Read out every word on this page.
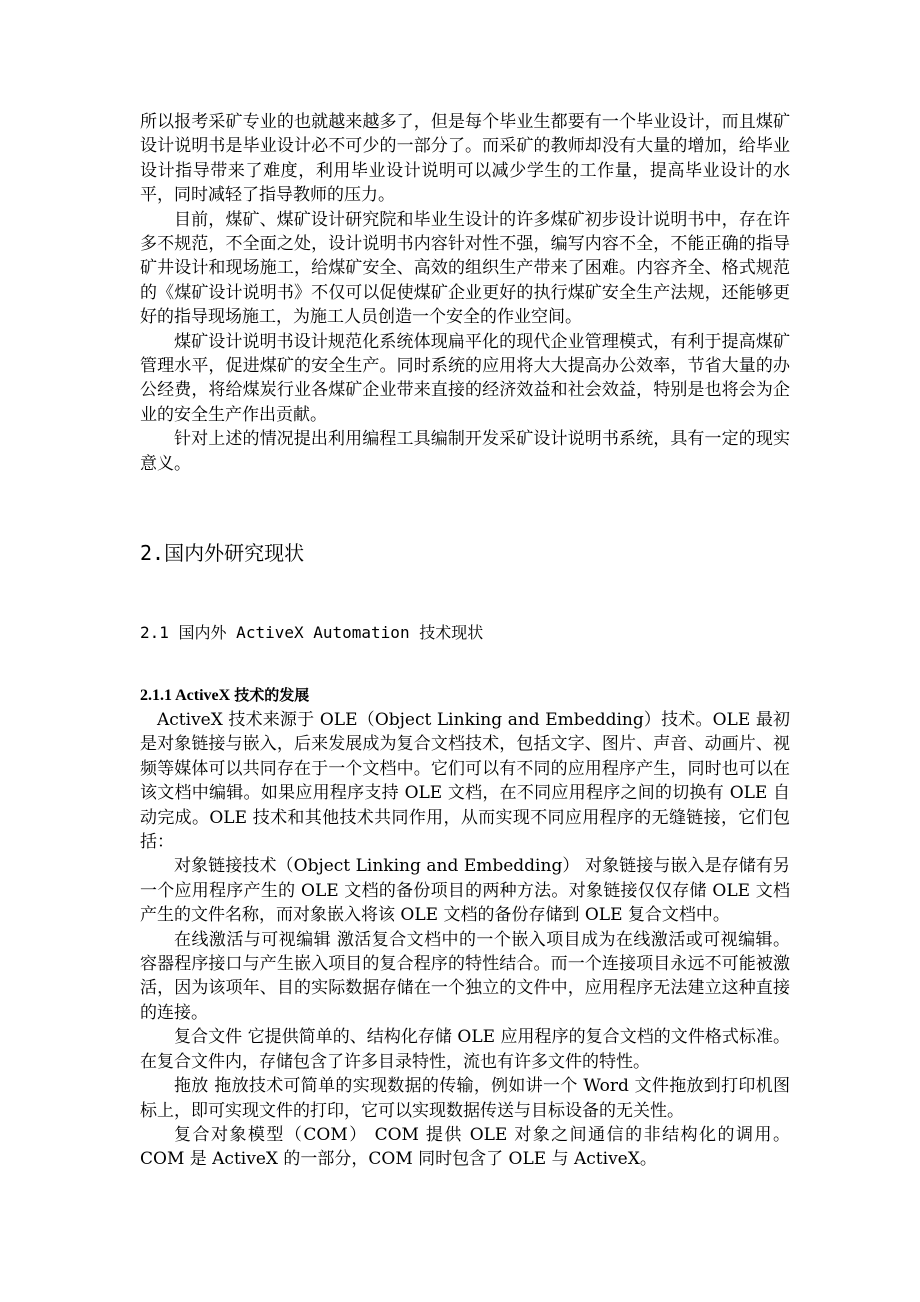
所以报考采矿专业的也就越来越多了，但是每个毕业生都要有一个毕业设计，而且煤矿设计说明书是毕业设计必不可少的一部分了。而采矿的教师却没有大量的增加，给毕业设计指导带来了难度，利用毕业设计说明可以减少学生的工作量，提高毕业设计的水平，同时减轻了指导教师的压力。

目前，煤矿、煤矿设计研究院和毕业生设计的许多煤矿初步设计说明书中，存在许多不规范，不全面之处，设计说明书内容针对性不强，编写内容不全，不能正确的指导矿井设计和现场施工，给煤矿安全、高效的组织生产带来了困难。内容齐全、格式规范的《煤矿设计说明书》不仅可以促使煤矿企业更好的执行煤矿安全生产法规，还能够更好的指导现场施工，为施工人员创造一个安全的作业空间。

煤矿设计说明书设计规范化系统体现扁平化的现代企业管理模式，有利于提高煤矿管理水平，促进煤矿的安全生产。同时系统的应用将大大提高办公效率，节省大量的办公经费，将给煤炭行业各煤矿企业带来直接的经济效益和社会效益，特别是也将会为企业的安全生产作出贡献。

针对上述的情况提出利用编程工具编制开发采矿设计说明书系统，具有一定的现实意义。

2.国内外研究现状
2.1 国内外 ActiveX Automation 技术现状
2.1.1 ActiveX 技术的发展

ActiveX 技术来源于 OLE（Object Linking and Embedding）技术。OLE 最初是对象链接与嵌入，后来发展成为复合文档技术，包括文字、图片、声音、动画片、视频等媒体可以共同存在于一个文档中。它们可以有不同的应用程序产生，同时也可以在该文档中编辑。如果应用程序支持 OLE 文档，在不同应用程序之间的切换有 OLE 自动完成。OLE 技术和其他技术共同作用，从而实现不同应用程序的无缝链接，它们包括：

对象链接技术（Object Linking and Embedding） 对象链接与嵌入是存储有另一个应用程序产生的 OLE 文档的备份项目的两种方法。对象链接仅仅存储 OLE 文档产生的文件名称，而对象嵌入将该 OLE 文档的备份存储到 OLE 复合文档中。

在线激活与可视编辑 激活复合文档中的一个嵌入项目成为在线激活或可视编辑。容器程序接口与产生嵌入项目的复合程序的特性结合。而一个连接项目永远不可能被激活，因为该项年、目的实际数据存储在一个独立的文件中，应用程序无法建立这种直接的连接。

复合文件 它提供简单的、结构化存储 OLE 应用程序的复合文档的文件格式标准。在复合文件内，存储包含了许多目录特性，流也有许多文件的特性。

拖放 拖放技术可简单的实现数据的传输，例如讲一个 Word 文件拖放到打印机图标上，即可实现文件的打印，它可以实现数据传送与目标设备的无关性。

复合对象模型（COM） COM 提供 OLE 对象之间通信的非结构化的调用。COM 是 ActiveX 的一部分，COM 同时包含了 OLE 与 ActiveX。
